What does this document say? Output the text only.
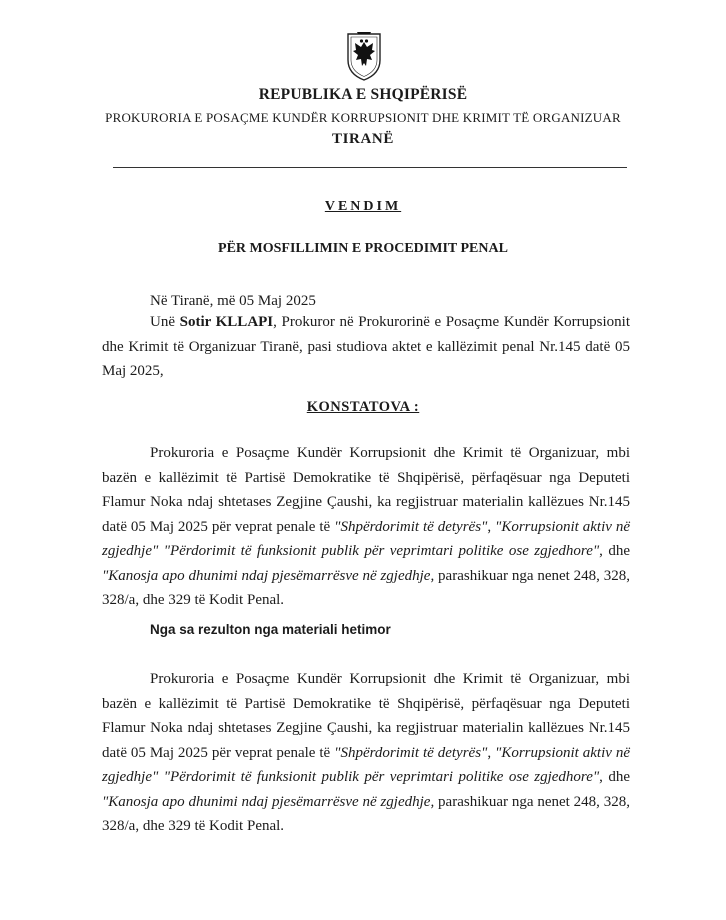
REPUBLIKA E SHQIPËRISË
PROKURORIA E POSAÇME KUNDËR KORRUPSIONIT DHE KRIMIT TË ORGANIZUAR
TIRANË
VENDIM
PËR MOSFILLIMIN E PROCEDIMIT PENAL
Në Tiranë, më 05 Maj 2025
Unë Sotir KLLAPI, Prokuror në Prokurorinë e Posaçme Kundër Korrupsionit dhe Krimit të Organizuar Tiranë, pasi studiova aktet e kallëzimit penal Nr.145 datë 05 Maj 2025,
KONSTATOVA :
Prokuroria e Posaçme Kundër Korrupsionit dhe Krimit të Organizuar, mbi bazën e kallëzimit të Partisë Demokratike të Shqipërisë, përfaqësuar nga Deputeti Flamur Noka ndaj shtetases Zegjine Çaushi, ka regjistruar materialin kallëzues Nr.145 datë 05 Maj 2025 për veprat penale të "Shpërdorimit të detyrës", "Korrupsionit aktiv në zgjedhje" "Përdorimit të funksionit publik për veprimtari politike ose zgjedhore", dhe "Kanosja apo dhunimi ndaj pjesëmarrësve në zgjedhje, parashikuar nga nenet 248, 328, 328/a, dhe 329 të Kodit Penal.
Nga sa rezulton nga materiali hetimor
Prokuroria e Posaçme Kundër Korrupsionit dhe Krimit të Organizuar, mbi bazën e kallëzimit të Partisë Demokratike të Shqipërisë, përfaqësuar nga Deputeti Flamur Noka ndaj shtetases Zegjine Çaushi, ka regjistruar materialin kallëzues Nr.145 datë 05 Maj 2025 për veprat penale të "Shpërdorimit të detyrës", "Korrupsionit aktiv në zgjedhje" "Përdorimit të funksionit publik për veprimtari politike ose zgjedhore", dhe "Kanosja apo dhunimi ndaj pjesëmarrësve në zgjedhje, parashikuar nga nenet 248, 328, 328/a, dhe 329 të Kodit Penal.
